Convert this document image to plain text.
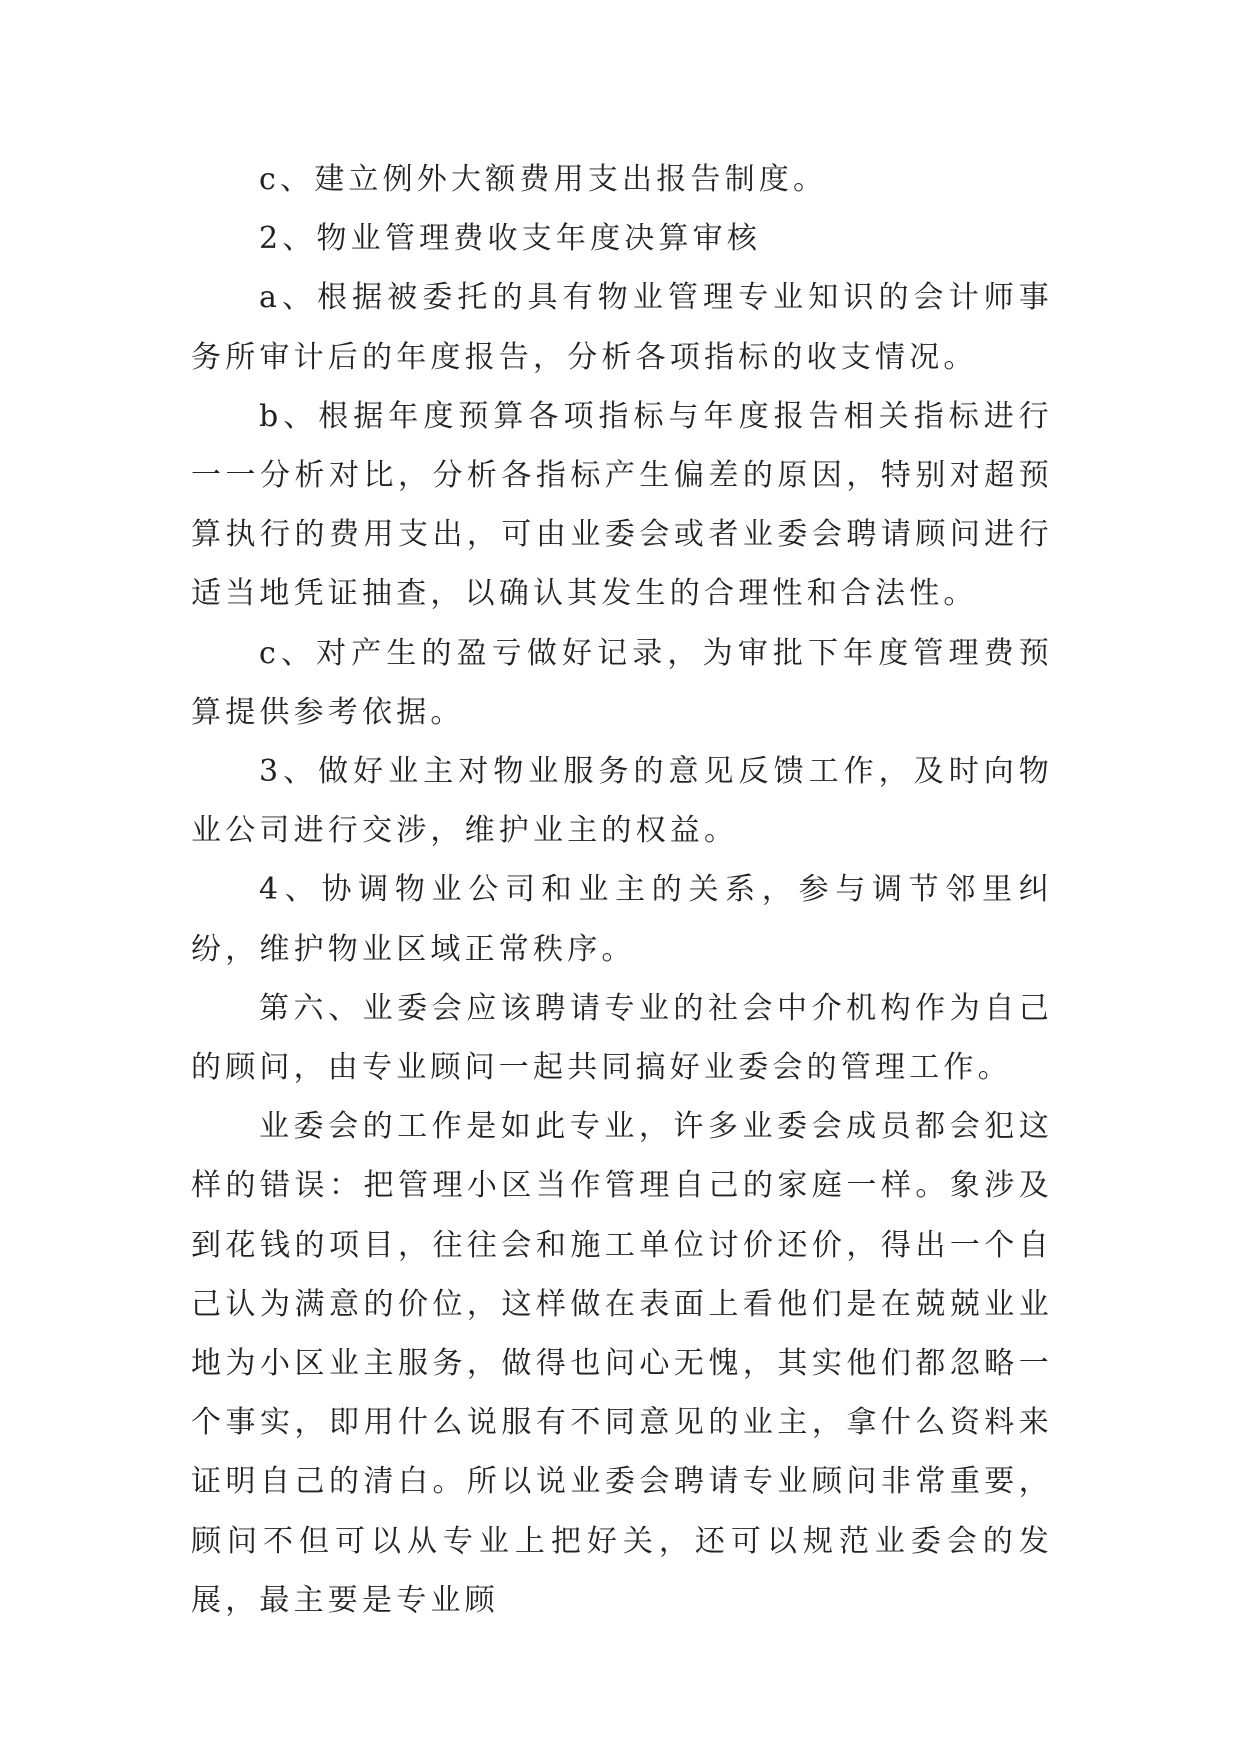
c、建立例外大额费用支出报告制度。

2、物业管理费收支年度决算审核

a、根据被委托的具有物业管理专业知识的会计师事务所审计后的年度报告，分析各项指标的收支情况。

b、根据年度预算各项指标与年度报告相关指标进行一一分析对比，分析各指标产生偏差的原因，特别对超预算执行的费用支出，可由业委会或者业委会聘请顾问进行适当地凭证抽查，以确认其发生的合理性和合法性。

c、对产生的盈亏做好记录，为审批下年度管理费预算提供参考依据。

3、做好业主对物业服务的意见反馈工作，及时向物业公司进行交涉，维护业主的权益。

4、协调物业公司和业主的关系，参与调节邻里纠纷，维护物业区域正常秩序。

第六、业委会应该聘请专业的社会中介机构作为自己的顾问，由专业顾问一起共同搞好业委会的管理工作。

业委会的工作是如此专业，许多业委会成员都会犯这样的错误：把管理小区当作管理自己的家庭一样。象涉及到花钱的项目，往往会和施工单位讨价还价，得出一个自己认为满意的价位，这样做在表面上看他们是在兢兢业业地为小区业主服务，做得也问心无愧，其实他们都忽略一个事实，即用什么说服有不同意见的业主，拿什么资料来证明自己的清白。所以说业委会聘请专业顾问非常重要，顾问不但可以从专业上把好关，还可以规范业委会的发展，最主要是专业顾
